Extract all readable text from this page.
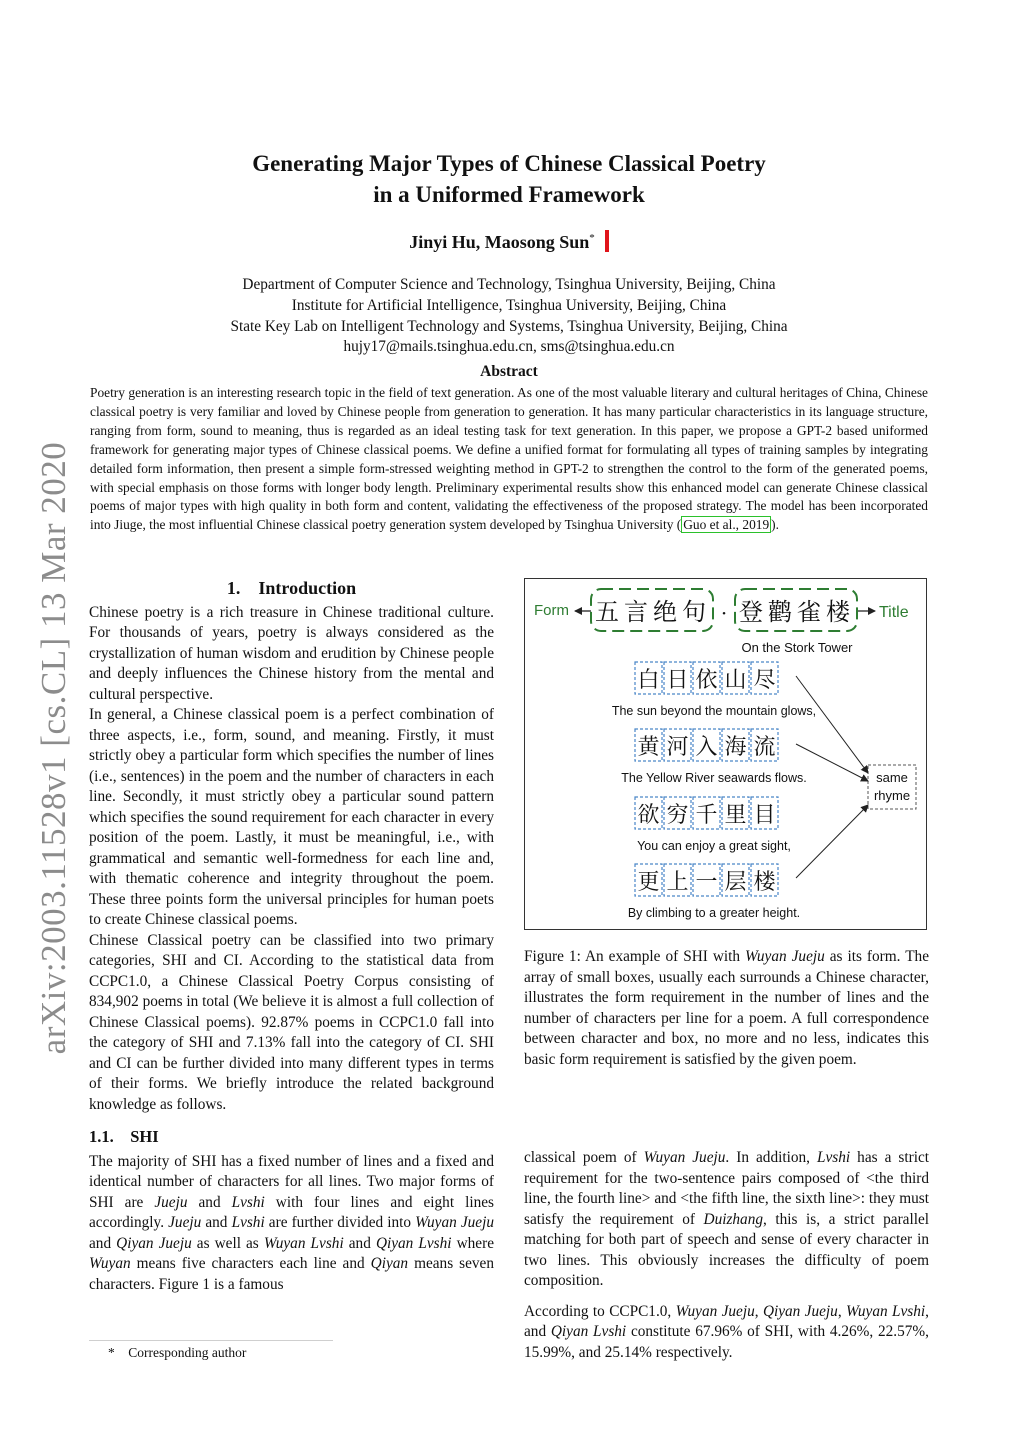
arXiv:2003.11528v1 [cs.CL] 13 Mar 2020
Generating Major Types of Chinese Classical Poetry
in a Uniformed Framework
Jinyi Hu, Maosong Sun*
Department of Computer Science and Technology, Tsinghua University, Beijing, China
Institute for Artificial Intelligence, Tsinghua University, Beijing, China
State Key Lab on Intelligent Technology and Systems, Tsinghua University, Beijing, China
hujy17@mails.tsinghua.edu.cn, sms@tsinghua.edu.cn
Abstract
Poetry generation is an interesting research topic in the field of text generation. As one of the most valuable literary and cultural heritages of China, Chinese classical poetry is very familiar and loved by Chinese people from generation to generation. It has many particular characteristics in its language structure, ranging from form, sound to meaning, thus is regarded as an ideal testing task for text generation. In this paper, we propose a GPT-2 based uniformed framework for generating major types of Chinese classical poems. We define a unified format for formulating all types of training samples by integrating detailed form information, then present a simple form-stressed weighting method in GPT-2 to strengthen the control to the form of the generated poems, with special emphasis on those forms with longer body length. Preliminary experimental results show this enhanced model can generate Chinese classical poems of major types with high quality in both form and content, validating the effectiveness of the proposed strategy. The model has been incorporated into Jiuge, the most influential Chinese classical poetry generation system developed by Tsinghua University ( Guo et al., 2019 ).
1.    Introduction

Chinese poetry is a rich treasure in Chinese traditional culture. For thousands of years, poetry is always considered as the crystallization of human wisdom and erudition by Chinese people and deeply influences the Chinese history from the mental and cultural perspective.

In general, a Chinese classical poem is a perfect combination of three aspects, i.e., form, sound, and meaning. Firstly, it must strictly obey a particular form which specifies the number of lines (i.e., sentences) in the poem and the number of characters in each line. Secondly, it must strictly obey a particular sound pattern which specifies the sound requirement for each character in every position of the poem. Lastly, it must be meaningful, i.e., with grammatical and semantic well-formedness for each line and, with thematic coherence and integrity throughout the poem. These three points form the universal principles for human poets to create Chinese classical poems.

Chinese Classical poetry can be classified into two primary categories, SHI and CI. According to the statistical data from CCPC1.0, a Chinese Classical Poetry Corpus consisting of 834,902 poems in total (We believe it is almost a full collection of Chinese Classical poems). 92.87% poems in CCPC1.0 fall into the category of SHI and 7.13% fall into the category of CI. SHI and CI can be further divided into many different types in terms of their forms. We briefly introduce the related background knowledge as follows.

1.1.    SHI

The majority of SHI has a fixed number of lines and a fixed and identical number of characters for all lines. Two major forms of SHI are Jueju and Lvshi with four lines and eight lines accordingly. Jueju and Lvshi are further divided into Wuyan Jueju and Qiyan Jueju as well as Wuyan Lvshi and Qiyan Lvshi where Wuyan means five characters each line and Qiyan means seven characters. Figure 1 is a famous

* Corresponding author
Form	Title
五 言 绝 句 · 登 鹳 雀 楼
On the Stork Tower
白 日 依 山 尽
The sun beyond the mountain glows,
黄 河 入 海 流
The Yellow River seawards flows.
欲 穷 千 里 目
You can enjoy a great sight,
更 上 一 层 楼
By climbing to a greater height.
same
rhyme
Figure 1: An example of SHI with Wuyan Jueju as its form. The array of small boxes, usually each surrounds a Chinese character, illustrates the form requirement in the number of lines and the number of characters per line for a poem. A full correspondence between character and box, no more and no less, indicates this basic form requirement is satisfied by the given poem.

classical poem of Wuyan Jueju. In addition, Lvshi has a strict requirement for the two-sentence pairs composed of <the third line, the fourth line> and <the fifth line, the sixth line>: they must satisfy the requirement of Duizhang, this is, a strict parallel matching for both part of speech and sense of every character in two lines. This obviously increases the difficulty of poem composition.

According to CCPC1.0, Wuyan Jueju, Qiyan Jueju, Wuyan Lvshi, and Qiyan Lvshi constitute 67.96% of SHI, with 4.26%, 22.57%, 15.99%, and 25.14% respectively.
